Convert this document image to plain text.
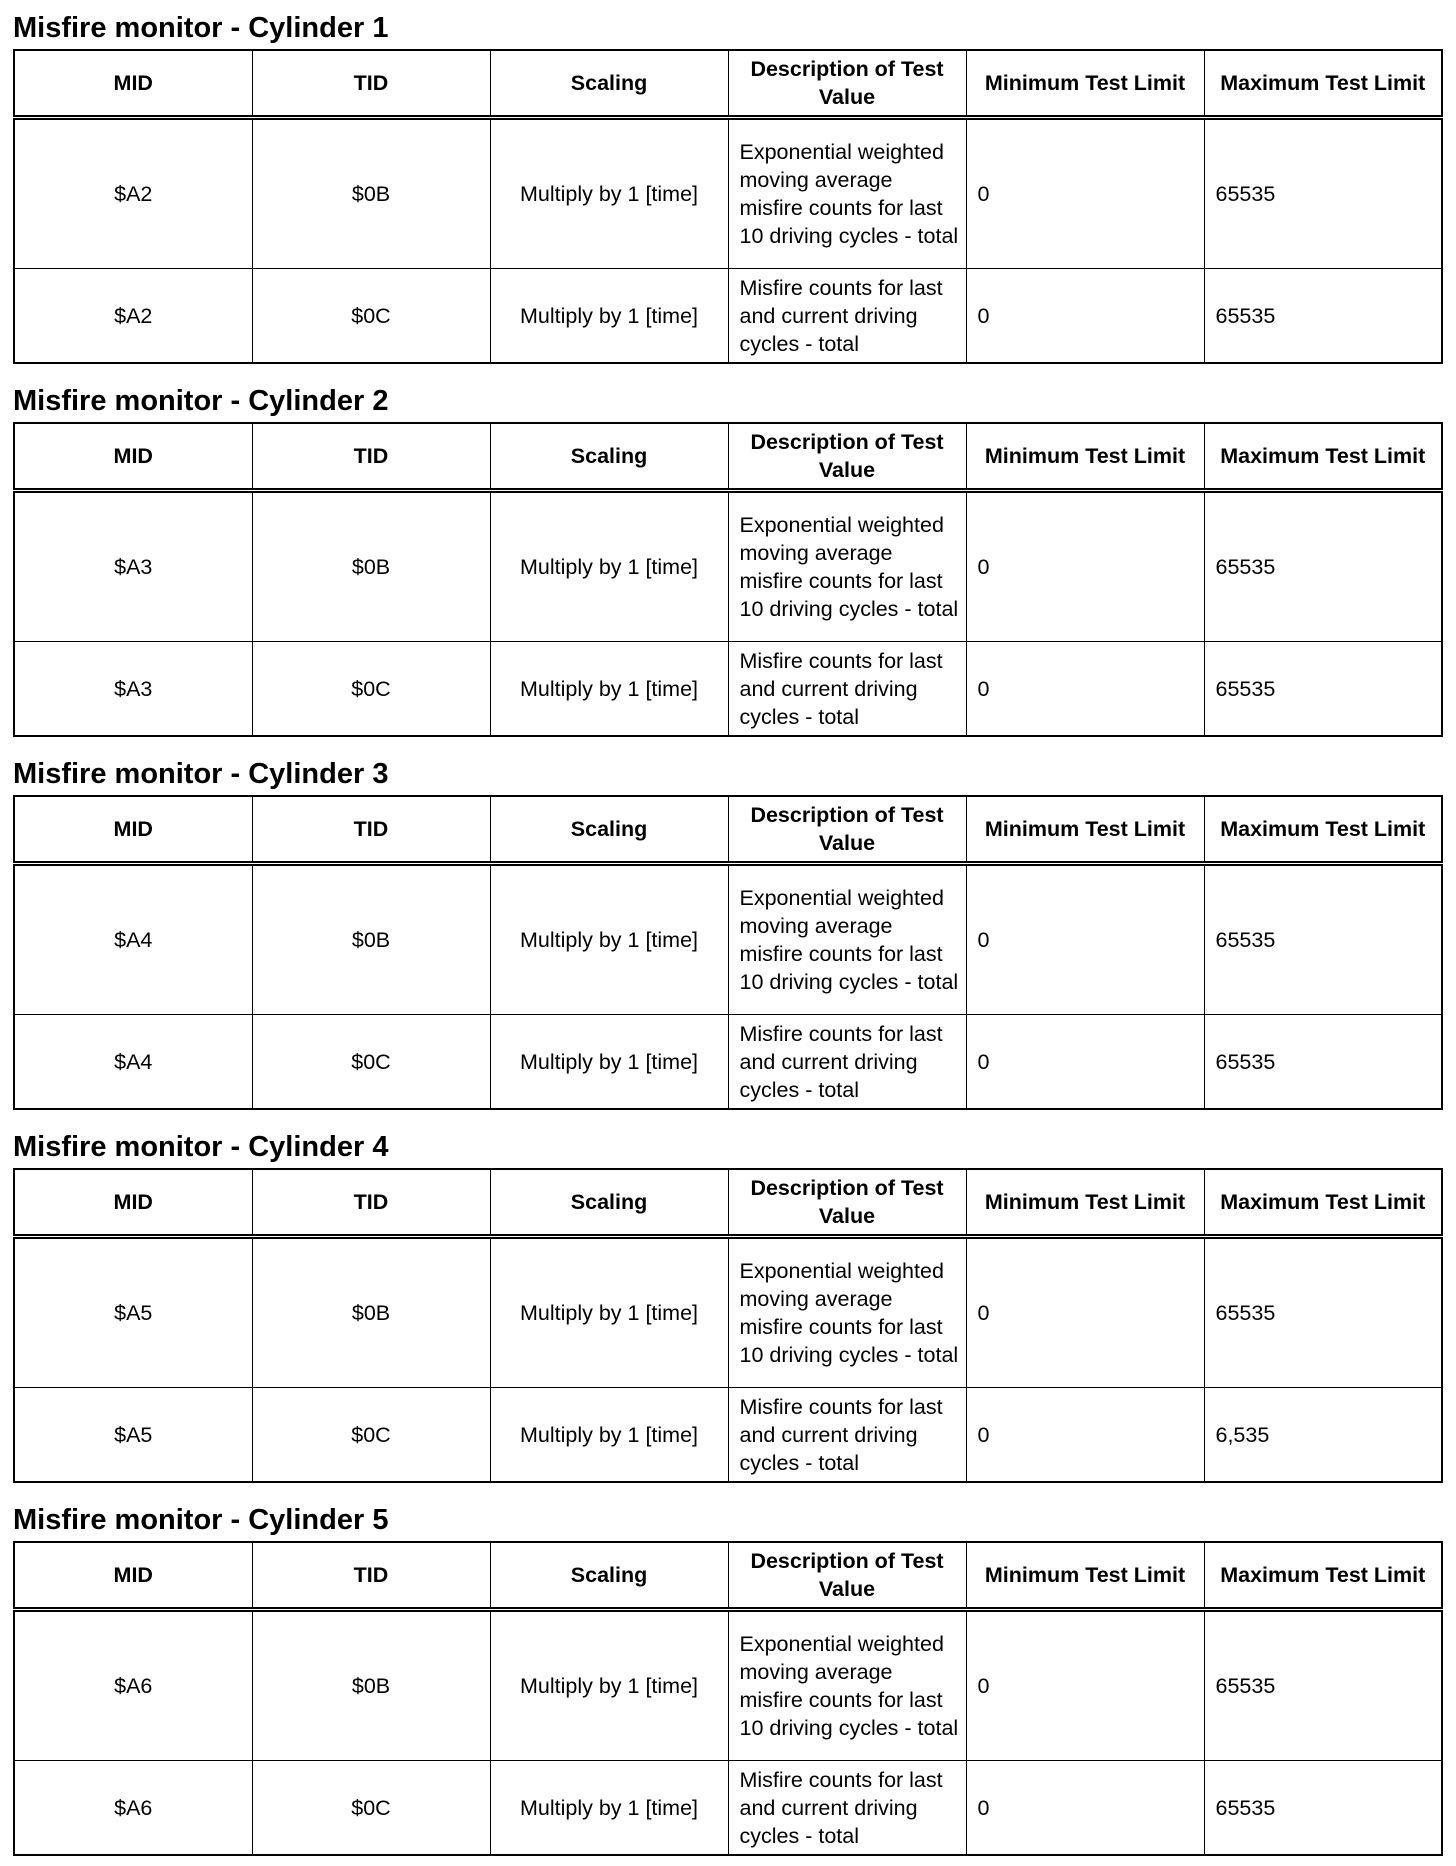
Misfire monitor - Cylinder 1
MID	TID	Scaling	Description of Test Value	Minimum Test Limit	Maximum Test Limit
$A2	$0B	Multiply by 1 [time]	Exponential weighted moving average misfire counts for last 10 driving cycles - total	0	65535
$A2	$0C	Multiply by 1 [time]	Misfire counts for last and current driving cycles - total	0	65535
Misfire monitor - Cylinder 2
MID	TID	Scaling	Description of Test Value	Minimum Test Limit	Maximum Test Limit
$A3	$0B	Multiply by 1 [time]	Exponential weighted moving average misfire counts for last 10 driving cycles - total	0	65535
$A3	$0C	Multiply by 1 [time]	Misfire counts for last and current driving cycles - total	0	65535
Misfire monitor - Cylinder 3
MID	TID	Scaling	Description of Test Value	Minimum Test Limit	Maximum Test Limit
$A4	$0B	Multiply by 1 [time]	Exponential weighted moving average misfire counts for last 10 driving cycles - total	0	65535
$A4	$0C	Multiply by 1 [time]	Misfire counts for last and current driving cycles - total	0	65535
Misfire monitor - Cylinder 4
MID	TID	Scaling	Description of Test Value	Minimum Test Limit	Maximum Test Limit
$A5	$0B	Multiply by 1 [time]	Exponential weighted moving average misfire counts for last 10 driving cycles - total	0	65535
$A5	$0C	Multiply by 1 [time]	Misfire counts for last and current driving cycles - total	0	6,535
Misfire monitor - Cylinder 5
MID	TID	Scaling	Description of Test Value	Minimum Test Limit	Maximum Test Limit
$A6	$0B	Multiply by 1 [time]	Exponential weighted moving average misfire counts for last 10 driving cycles - total	0	65535
$A6	$0C	Multiply by 1 [time]	Misfire counts for last and current driving cycles - total	0	65535
